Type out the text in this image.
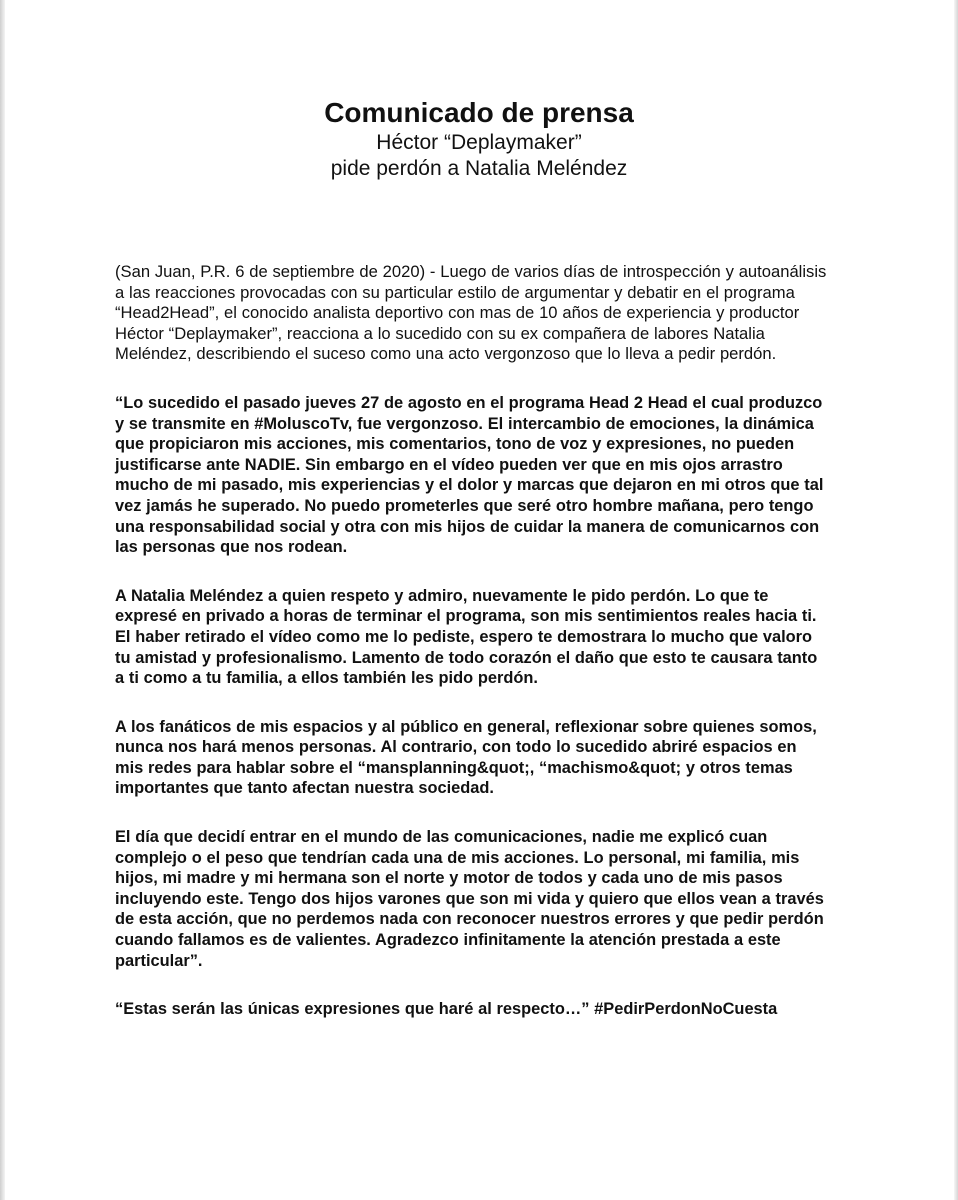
Comunicado de prensa

Héctor “Deplaymaker”

pide perdón a Natalia Meléndez

(San Juan, P.R. 6 de septiembre de 2020) - Luego de varios días de introspección y autoanálisis a las reacciones provocadas con su particular estilo de argumentar y debatir en el programa “Head2Head”, el conocido analista deportivo con mas de 10 años de experiencia y productor Héctor “Deplaymaker”, reacciona a lo sucedido con su ex compañera de labores Natalia Meléndez, describiendo el suceso como una acto vergonzoso que lo lleva a pedir perdón.

“Lo sucedido el pasado jueves 27 de agosto en el programa Head 2 Head el cual produzco y se transmite en #MoluscoTv, fue vergonzoso. El intercambio de emociones, la dinámica que propiciaron mis acciones, mis comentarios, tono de voz y expresiones, no pueden justificarse ante NADIE. Sin embargo en el vídeo pueden ver que en mis ojos arrastro mucho de mi pasado, mis experiencias y el dolor y marcas que dejaron en mi otros que tal vez jamás he superado. No puedo prometerles que seré otro hombre mañana, pero tengo una responsabilidad social y otra con mis hijos de cuidar la manera de comunicarnos con las personas que nos rodean.

A Natalia Meléndez a quien respeto y admiro, nuevamente le pido perdón. Lo que te expresé en privado a horas de terminar el programa, son mis sentimientos reales hacia ti. El haber retirado el vídeo como me lo pediste, espero te demostrara lo mucho que valoro tu amistad y profesionalismo. Lamento de todo corazón el daño que esto te causara tanto a ti como a tu familia, a ellos también les pido perdón.

A los fanáticos de mis espacios y al público en general, reflexionar sobre quienes somos, nunca nos hará menos personas. Al contrario, con todo lo sucedido abriré espacios en mis redes para hablar sobre el “mansplanning&quot;, “machismo&quot; y otros temas importantes que tanto afectan nuestra sociedad.

El día que decidí entrar en el mundo de las comunicaciones, nadie me explicó cuan complejo o el peso que tendrían cada una de mis acciones. Lo personal, mi familia, mis hijos, mi madre y mi hermana son el norte y motor de todos y cada uno de mis pasos incluyendo este. Tengo dos hijos varones que son mi vida y quiero que ellos vean a través de esta acción, que no perdemos nada con reconocer nuestros errores y que pedir perdón cuando fallamos es de valientes. Agradezco infinitamente la atención prestada a este particular”.

“Estas serán las únicas expresiones que haré al respecto…” #PedirPerdonNoCuesta
